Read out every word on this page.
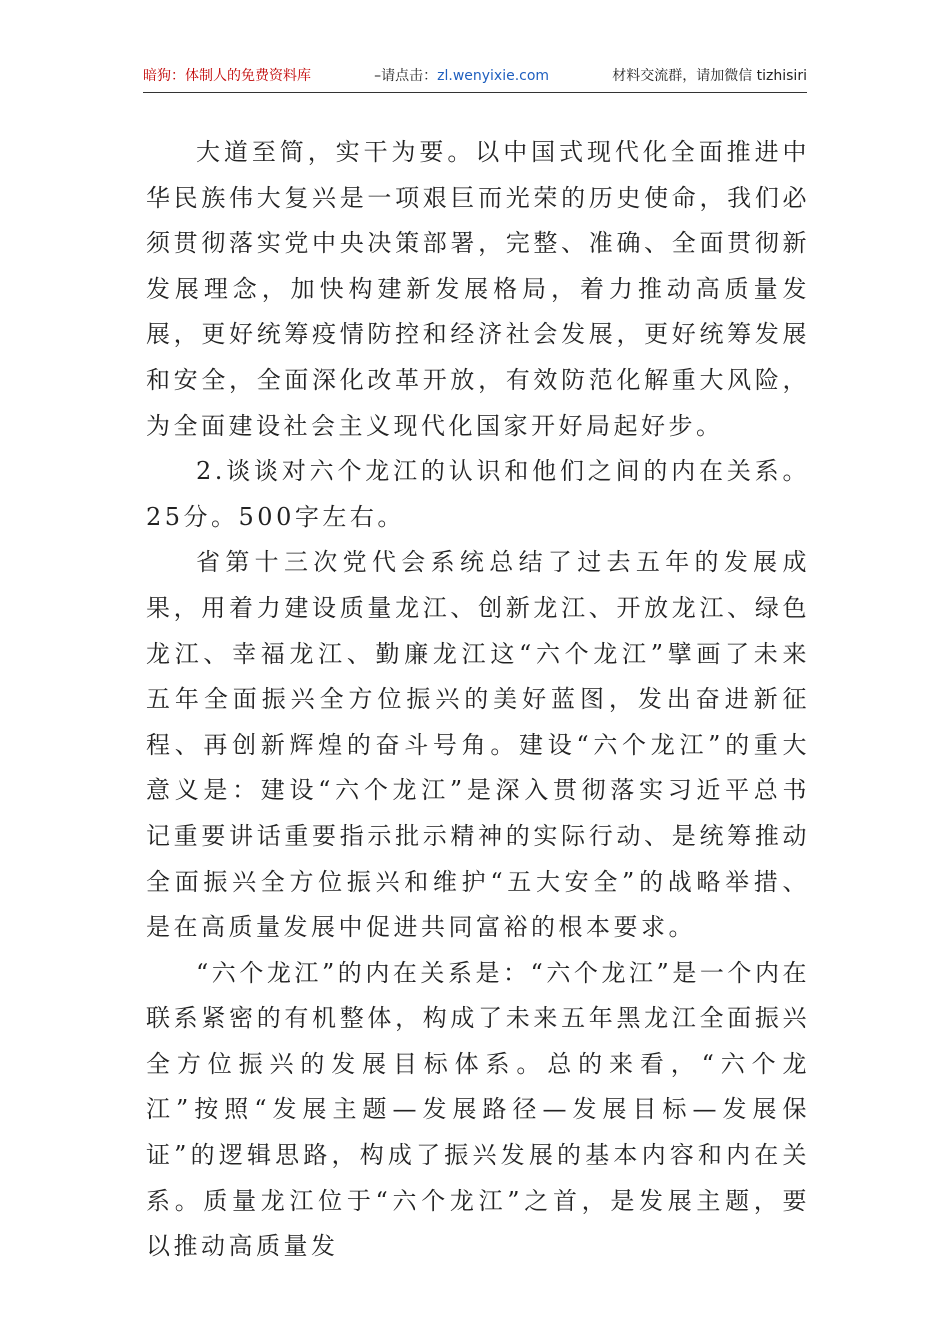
暗狗：体制人的免费资料库	–请点击：zl.wenyixie.com	材料交流群，请加微信 tizhisiri

大道至简，实干为要。以中国式现代化全面推进中华民族伟大复兴是一项艰巨而光荣的历史使命，我们必须贯彻落实党中央决策部署，完整、准确、全面贯彻新发展理念，加快构建新发展格局，着力推动高质量发展，更好统筹疫情防控和经济社会发展，更好统筹发展和安全，全面深化改革开放，有效防范化解重大风险，为全面建设社会主义现代化国家开好局起好步。

2.谈谈对六个龙江的认识和他们之间的内在关系。25分。500字左右。

省第十三次党代会系统总结了过去五年的发展成果，用着力建设质量龙江、创新龙江、开放龙江、绿色龙江、幸福龙江、勤廉龙江这“六个龙江”擘画了未来五年全面振兴全方位振兴的美好蓝图，发出奋进新征程、再创新辉煌的奋斗号角。建设“六个龙江”的重大意义是：建设“六个龙江”是深入贯彻落实习近平总书记重要讲话重要指示批示精神的实际行动、是统筹推动全面振兴全方位振兴和维护“五大安全”的战略举措、是在高质量发展中促进共同富裕的根本要求。

“六个龙江”的内在关系是：“六个龙江”是一个内在联系紧密的有机整体，构成了未来五年黑龙江全面振兴全方位振兴的发展目标体系。总的来看，“六个龙江”按照“发展主题—发展路径—发展目标—发展保证”的逻辑思路，构成了振兴发展的基本内容和内在关系。质量龙江位于“六个龙江”之首，是发展主题，要以推动高质量发
